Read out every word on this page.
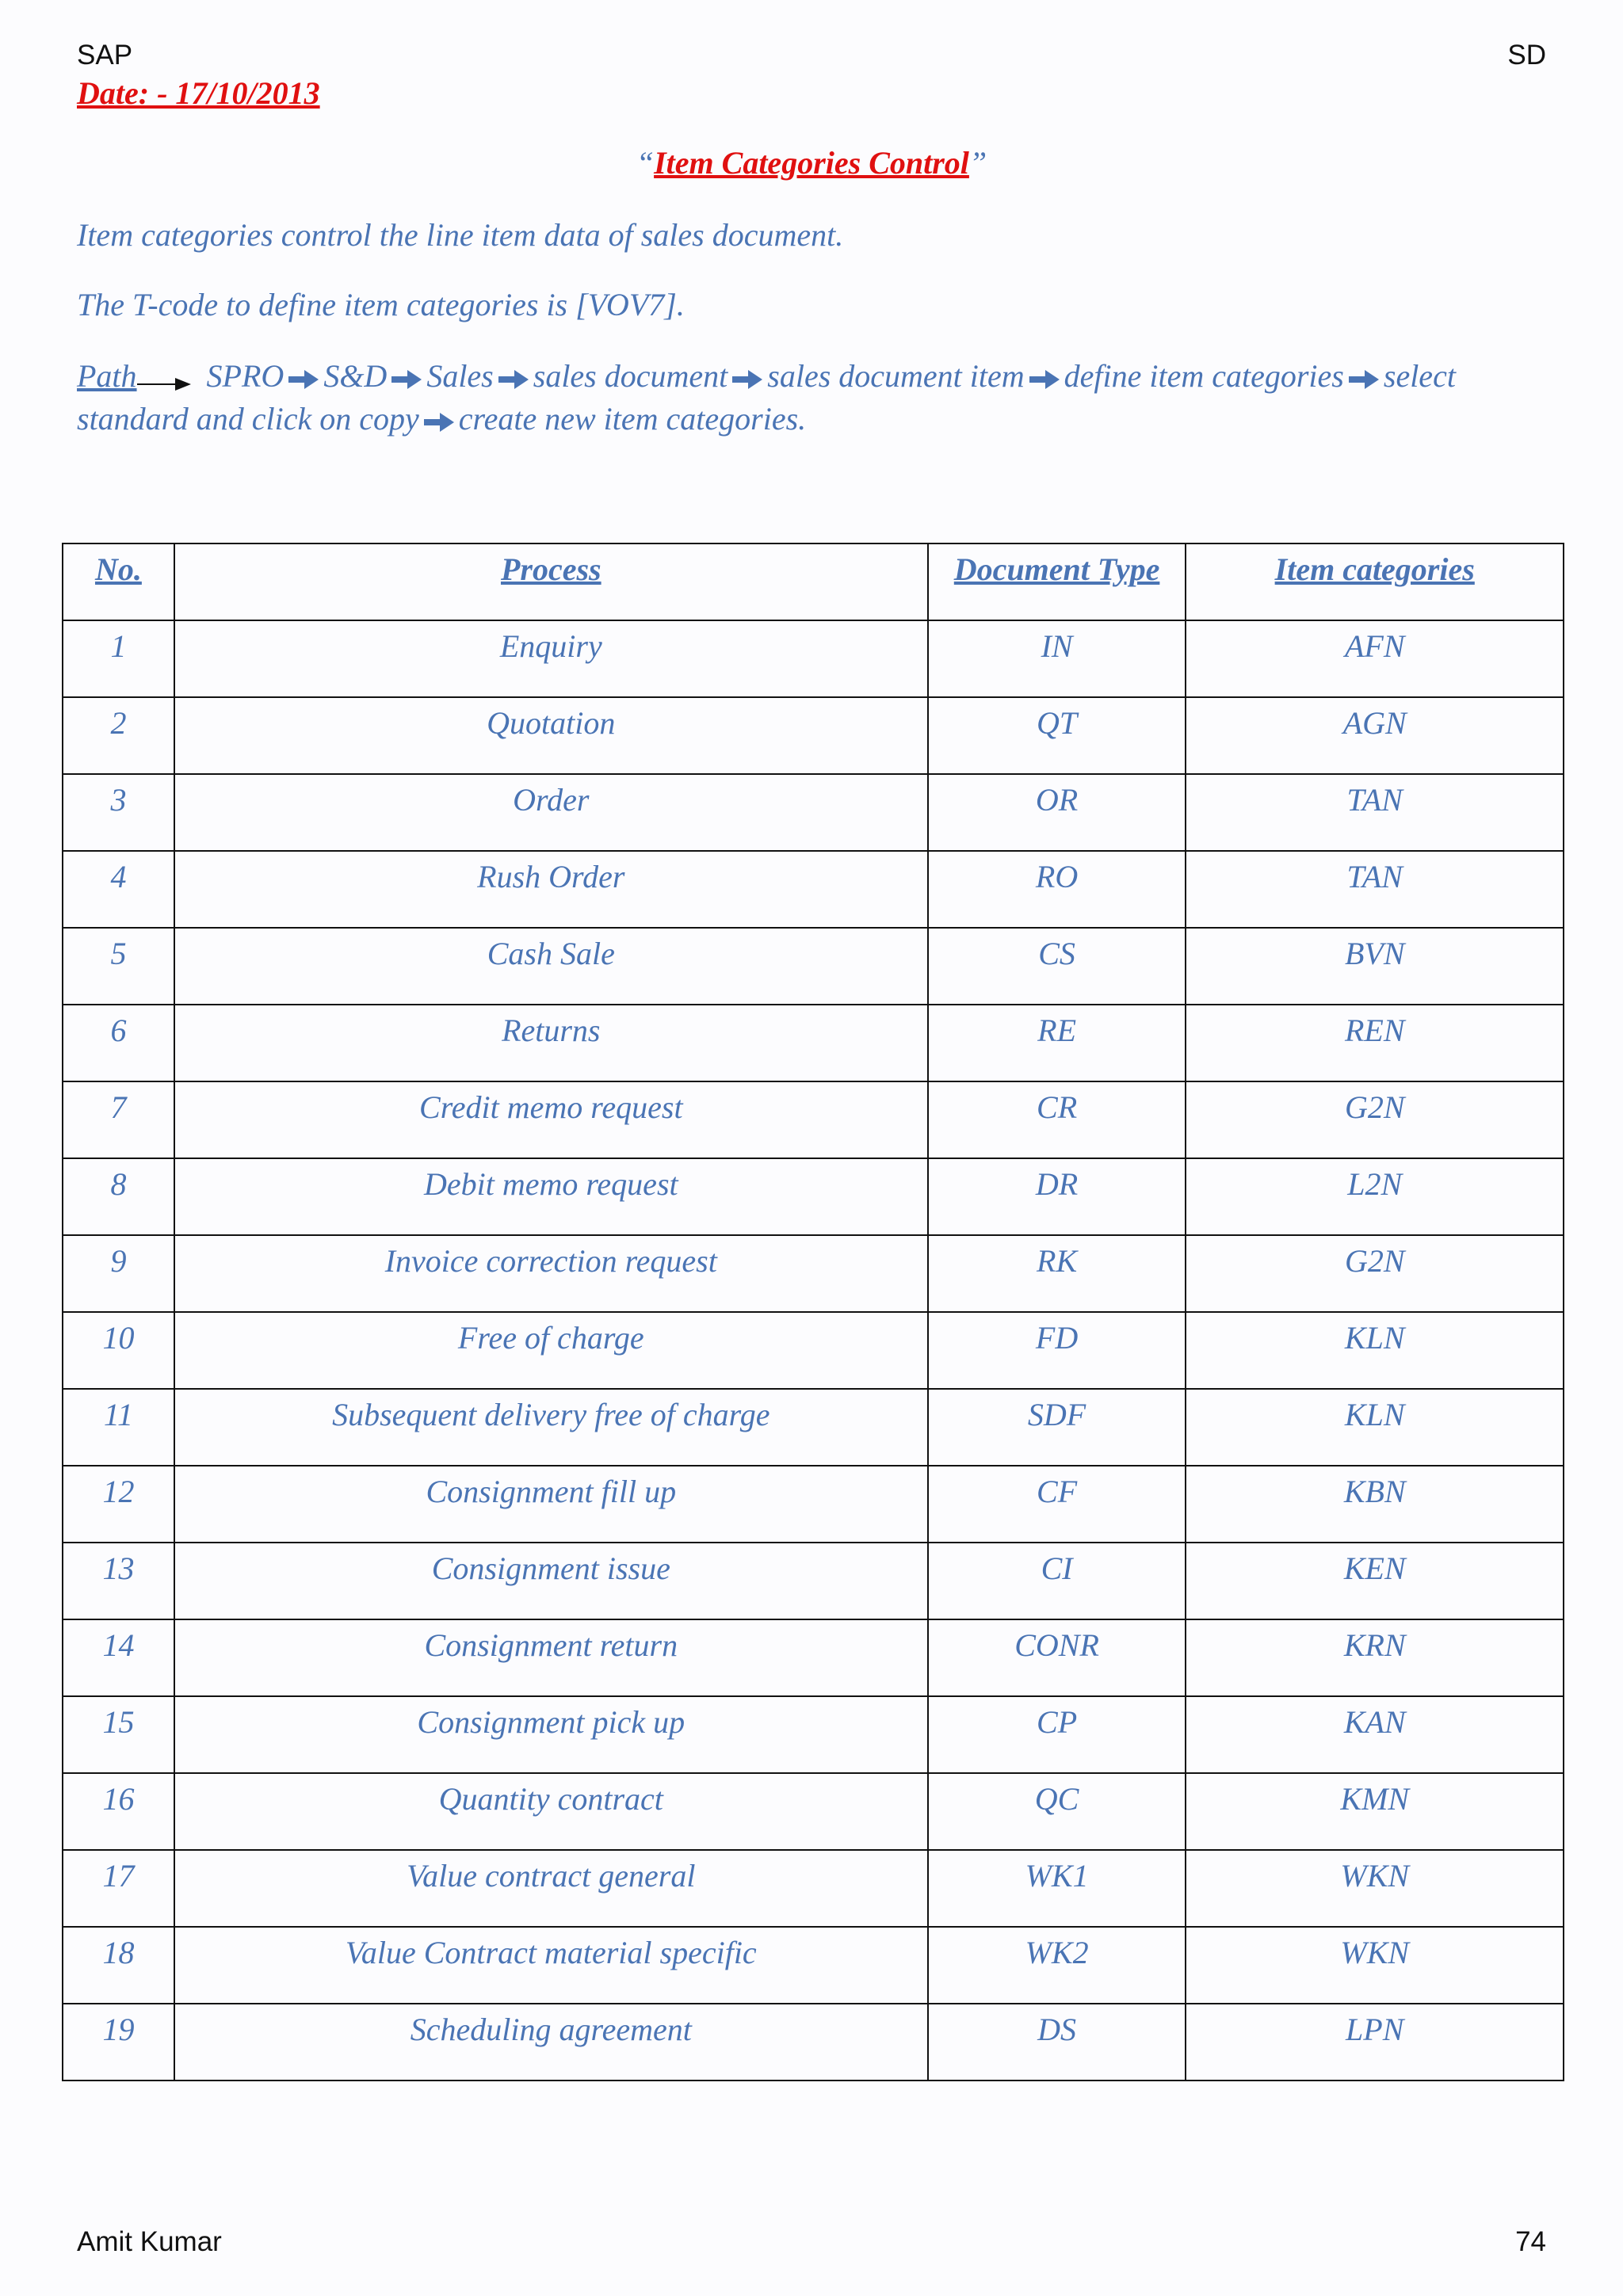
SAP	SD
Date: - 17/10/2013
“Item Categories Control”
Item categories control the line item data of sales document.
The T-code to define item categories is [VOV7].
Path SPRO S&D Sales sales document sales document item define item categories select
standard and click on copy create new item categories.
No.	Process	Document Type	Item categories
1	Enquiry	IN	AFN
2	Quotation	QT	AGN
3	Order	OR	TAN
4	Rush Order	RO	TAN
5	Cash Sale	CS	BVN
6	Returns	RE	REN
7	Credit memo request	CR	G2N
8	Debit memo request	DR	L2N
9	Invoice correction request	RK	G2N
10	Free of charge	FD	KLN
11	Subsequent delivery free of charge	SDF	KLN
12	Consignment fill up	CF	KBN
13	Consignment issue	CI	KEN
14	Consignment return	CONR	KRN
15	Consignment pick up	CP	KAN
16	Quantity contract	QC	KMN
17	Value contract general	WK1	WKN
18	Value Contract material specific	WK2	WKN
19	Scheduling agreement	DS	LPN
Amit Kumar	74
